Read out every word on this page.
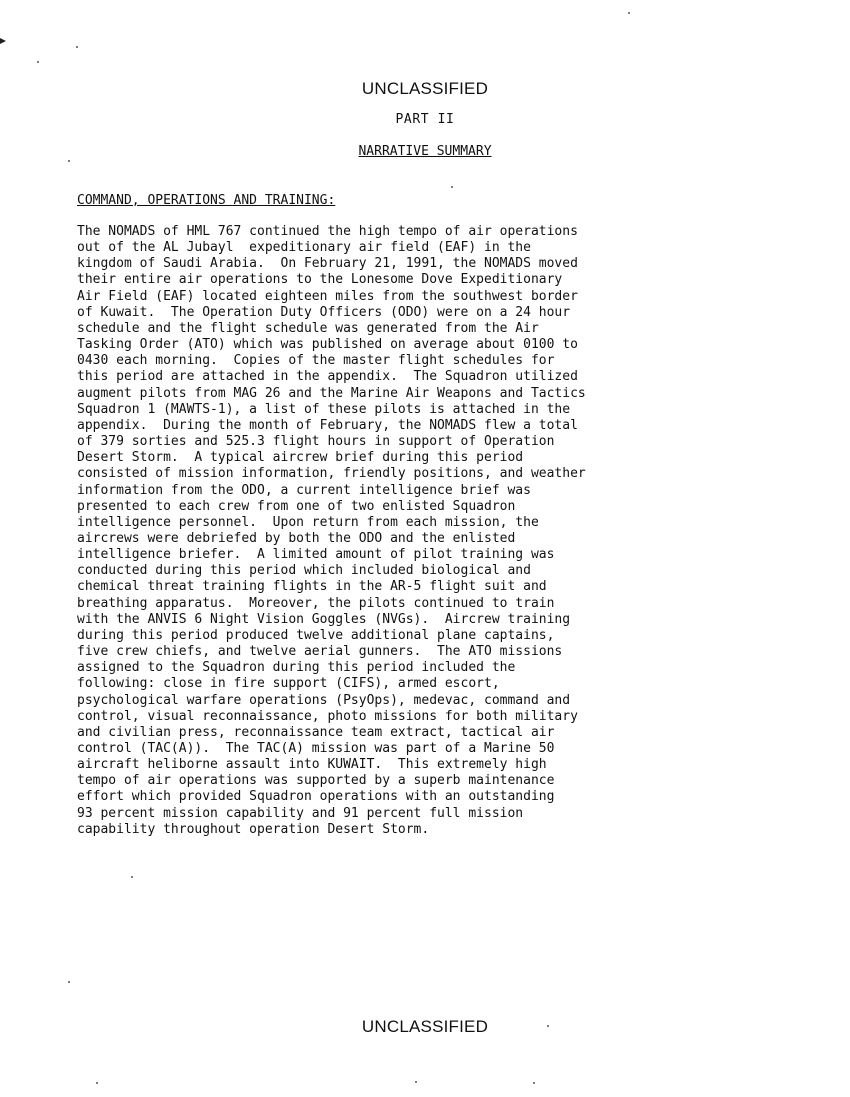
UNCLASSIFIED
PART II
NARRATIVE SUMMARY
COMMAND, OPERATIONS AND TRAINING:
The NOMADS of HML 767 continued the high tempo of air operations
out of the AL Jubayl  expeditionary air field (EAF) in the
kingdom of Saudi Arabia.  On February 21, 1991, the NOMADS moved
their entire air operations to the Lonesome Dove Expeditionary
Air Field (EAF) located eighteen miles from the southwest border
of Kuwait.  The Operation Duty Officers (ODO) were on a 24 hour
schedule and the flight schedule was generated from the Air
Tasking Order (ATO) which was published on average about 0100 to
0430 each morning.  Copies of the master flight schedules for
this period are attached in the appendix.  The Squadron utilized
augment pilots from MAG 26 and the Marine Air Weapons and Tactics
Squadron 1 (MAWTS-1), a list of these pilots is attached in the
appendix.  During the month of February, the NOMADS flew a total
of 379 sorties and 525.3 flight hours in support of Operation
Desert Storm.  A typical aircrew brief during this period
consisted of mission information, friendly positions, and weather
information from the ODO, a current intelligence brief was
presented to each crew from one of two enlisted Squadron
intelligence personnel.  Upon return from each mission, the
aircrews were debriefed by both the ODO and the enlisted
intelligence briefer.  A limited amount of pilot training was
conducted during this period which included biological and
chemical threat training flights in the AR-5 flight suit and
breathing apparatus.  Moreover, the pilots continued to train
with the ANVIS 6 Night Vision Goggles (NVGs).  Aircrew training
during this period produced twelve additional plane captains,
five crew chiefs, and twelve aerial gunners.  The ATO missions
assigned to the Squadron during this period included the
following: close in fire support (CIFS), armed escort,
psychological warfare operations (PsyOps), medevac, command and
control, visual reconnaissance, photo missions for both military
and civilian press, reconnaissance team extract, tactical air
control (TAC(A)).  The TAC(A) mission was part of a Marine 50
aircraft heliborne assault into KUWAIT.  This extremely high
tempo of air operations was supported by a superb maintenance
effort which provided Squadron operations with an outstanding
93 percent mission capability and 91 percent full mission
capability throughout operation Desert Storm.
UNCLASSIFIED
